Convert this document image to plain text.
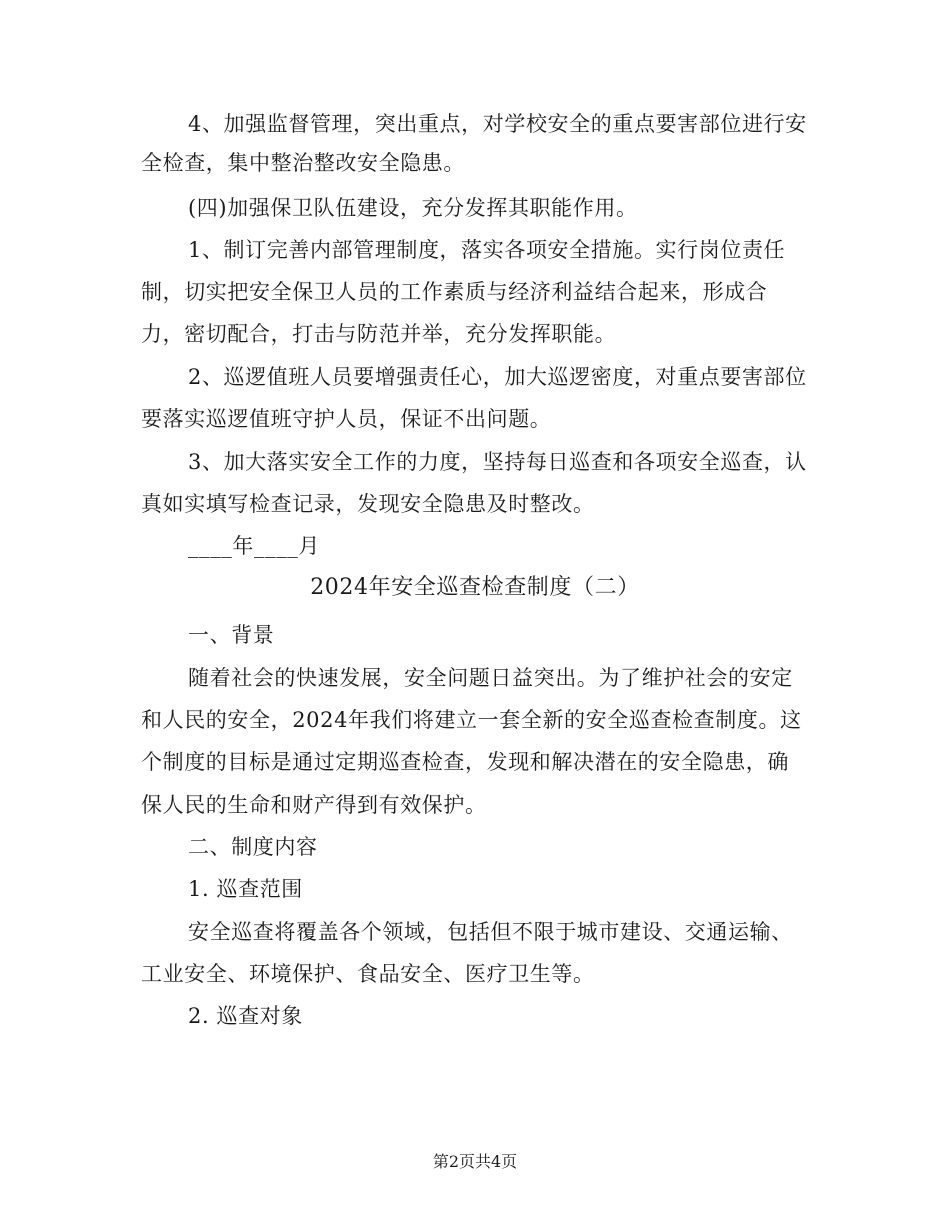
4、加强监督管理，突出重点，对学校安全的重点要害部位进行安
全检查，集中整治整改安全隐患。
(四)加强保卫队伍建设，充分发挥其职能作用。
1、制订完善内部管理制度，落实各项安全措施。实行岗位责任
制，切实把安全保卫人员的工作素质与经济利益结合起来，形成合
力，密切配合，打击与防范并举，充分发挥职能。
2、巡逻值班人员要增强责任心，加大巡逻密度，对重点要害部位
要落实巡逻值班守护人员，保证不出问题。
3、加大落实安全工作的力度，坚持每日巡查和各项安全巡查，认
真如实填写检查记录，发现安全隐患及时整改。
____年____月
2024年安全巡查检查制度（二）
一、背景
随着社会的快速发展，安全问题日益突出。为了维护社会的安定
和人民的安全，2024年我们将建立一套全新的安全巡查检查制度。这
个制度的目标是通过定期巡查检查，发现和解决潜在的安全隐患，确
保人民的生命和财产得到有效保护。
二、制度内容
1. 巡查范围
安全巡查将覆盖各个领域，包括但不限于城市建设、交通运输、
工业安全、环境保护、食品安全、医疗卫生等。
2. 巡查对象
第2页共4页
